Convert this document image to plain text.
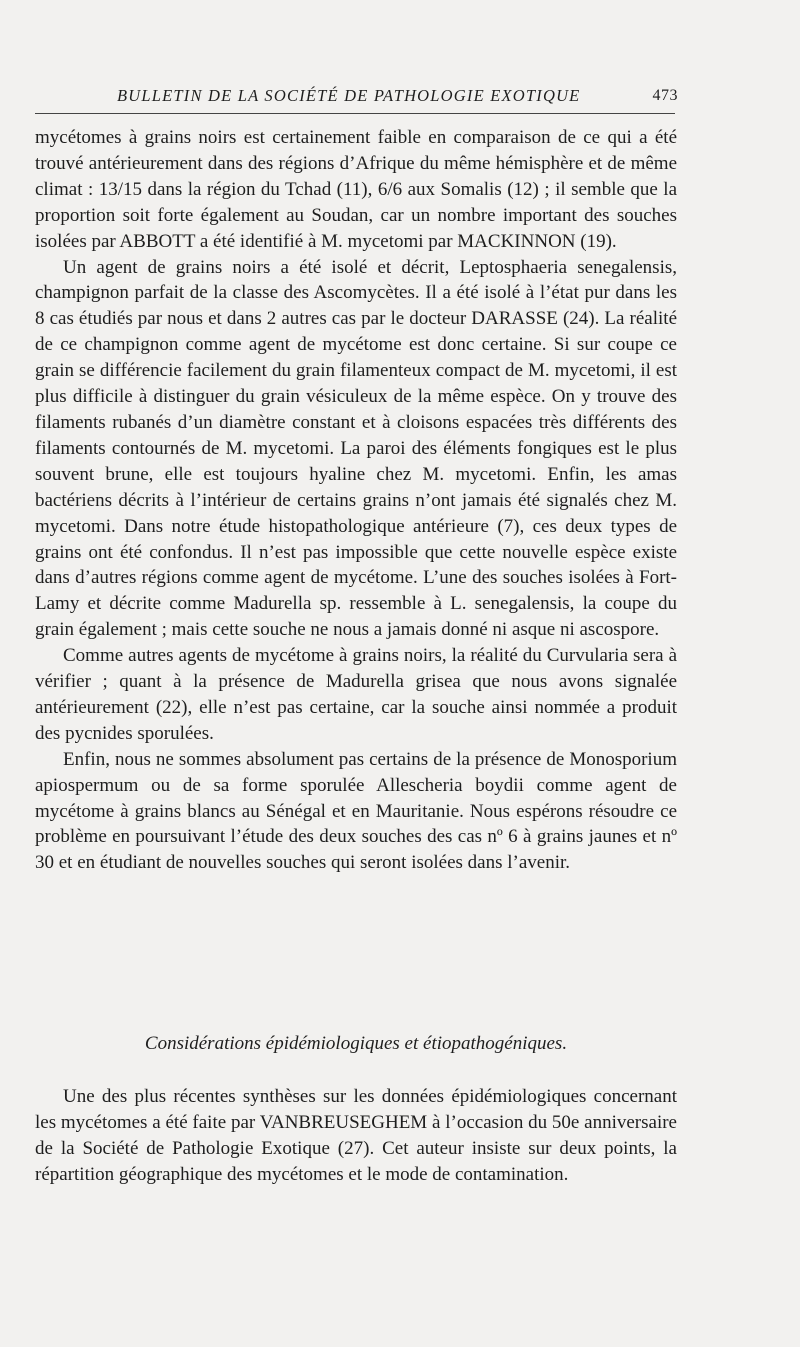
BULLETIN DE LA SOCIÉTÉ DE PATHOLOGIE EXOTIQUE	473

mycétomes à grains noirs est certainement faible en comparaison de ce qui a été trouvé antérieurement dans des régions d’Afrique du même hémisphère et de même climat : 13/15 dans la région du Tchad (11), 6/6 aux Somalis (12) ; il semble que la proportion soit forte également au Soudan, car un nombre important des souches isolées par ABBOTT a été identifié à M. mycetomi par MACKINNON (19).

Un agent de grains noirs a été isolé et décrit, Leptosphaeria senegalensis, champignon parfait de la classe des Ascomycètes. Il a été isolé à l’état pur dans les 8 cas étudiés par nous et dans 2 autres cas par le docteur DARASSE (24). La réalité de ce champignon comme agent de mycétome est donc certaine. Si sur coupe ce grain se différencie facilement du grain filamenteux compact de M. mycetomi, il est plus difficile à distinguer du grain vésiculeux de la même espèce. On y trouve des filaments rubanés d’un diamètre constant et à cloisons espacées très différents des filaments contournés de M. mycetomi. La paroi des éléments fongiques est le plus souvent brune, elle est toujours hyaline chez M. mycetomi. Enfin, les amas bactériens décrits à l’intérieur de certains grains n’ont jamais été signalés chez M. mycetomi. Dans notre étude histopathologique antérieure (7), ces deux types de grains ont été confondus. Il n’est pas impossible que cette nouvelle espèce existe dans d’autres régions comme agent de mycétome. L’une des souches isolées à Fort-Lamy et décrite comme Madurella sp. ressemble à L. senegalensis, la coupe du grain également ; mais cette souche ne nous a jamais donné ni asque ni ascospore.

Comme autres agents de mycétome à grains noirs, la réalité du Curvularia sera à vérifier ; quant à la présence de Madurella grisea que nous avons signalée antérieurement (22), elle n’est pas certaine, car la souche ainsi nommée a produit des pycnides sporulées.

Enfin, nous ne sommes absolument pas certains de la présence de Monosporium apiospermum ou de sa forme sporulée Allescheria boydii comme agent de mycétome à grains blancs au Sénégal et en Mauritanie. Nous espérons résoudre ce problème en poursuivant l’étude des deux souches des cas nº 6 à grains jaunes et nº 30 et en étudiant de nouvelles souches qui seront isolées dans l’avenir.

Considérations épidémiologiques et étiopathogéniques.

Une des plus récentes synthèses sur les données épidémiologiques concernant les mycétomes a été faite par VANBREUSEGHEM à l’occasion du 50e anniversaire de la Société de Pathologie Exotique (27). Cet auteur insiste sur deux points, la répartition géographique des mycétomes et le mode de contamination.
